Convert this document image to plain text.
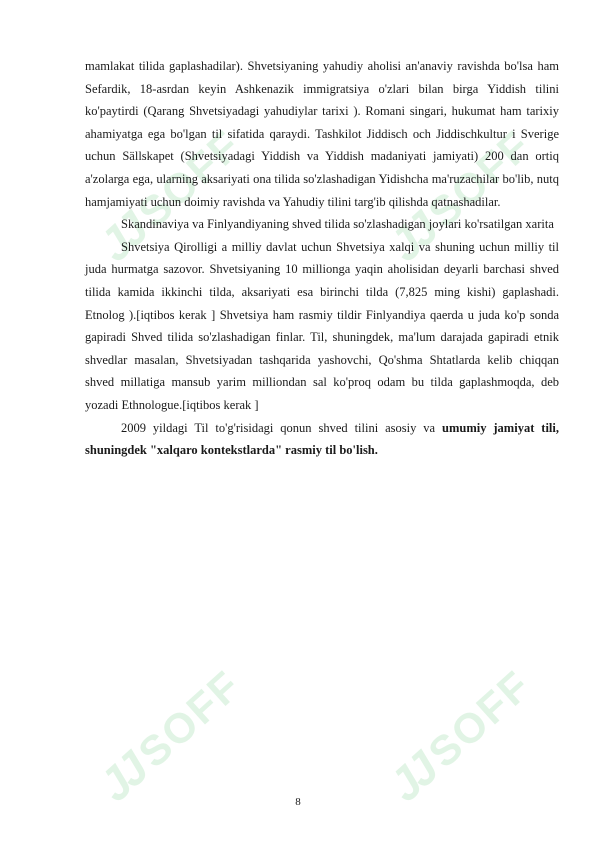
JJSOFF
JJSOFF
JJSOFF
JJSOFF

mamlakat tilida gaplashadilar). Shvetsiyaning yahudiy aholisi an'anaviy ravishda bo'lsa ham Sefardik, 18-asrdan keyin Ashkenazik immigratsiya o'zlari bilan birga Yiddish tilini ko'paytirdi (Qarang Shvetsiyadagi yahudiylar tarixi ). Romani singari, hukumat ham tarixiy ahamiyatga ega bo'lgan til sifatida qaraydi. Tashkilot Jiddisch och Jiddischkultur i Sverige uchun Sällskapet (Shvetsiyadagi Yiddish va Yiddish madaniyati jamiyati) 200 dan ortiq a'zolarga ega, ularning aksariyati ona tilida so'zlashadigan Yidishcha ma'ruzachilar bo'lib, nutq hamjamiyati uchun doimiy ravishda va Yahudiy tilini targ'ib qilishda qatnashadilar.

Skandinaviya va Finlyandiyaning shved tilida so'zlashadigan joylari ko'rsatilgan xarita

Shvetsiya Qirolligi a milliy davlat uchun Shvetsiya xalqi va shuning uchun milliy til juda hurmatga sazovor. Shvetsiyaning 10 millionga yaqin aholisidan deyarli barchasi shved tilida kamida ikkinchi tilda, aksariyati esa birinchi tilda (7,825 ming kishi) gaplashadi. Etnolog ).[iqtibos kerak ] Shvetsiya ham rasmiy tildir Finlyandiya qaerda u juda ko'p sonda gapiradi Shved tilida so'zlashadigan finlar. Til, shuningdek, ma'lum darajada gapiradi etnik shvedlar masalan, Shvetsiyadan tashqarida yashovchi, Qo'shma Shtatlarda kelib chiqqan shved millatiga mansub yarim milliondan sal ko'proq odam bu tilda gaplashmoqda, deb yozadi Ethnologue.[iqtibos kerak ]

2009 yildagi Til to'g'risidagi qonun shved tilini asosiy va umumiy jamiyat tili, shuningdek "xalqaro kontekstlarda" rasmiy til bo'lish.

8
